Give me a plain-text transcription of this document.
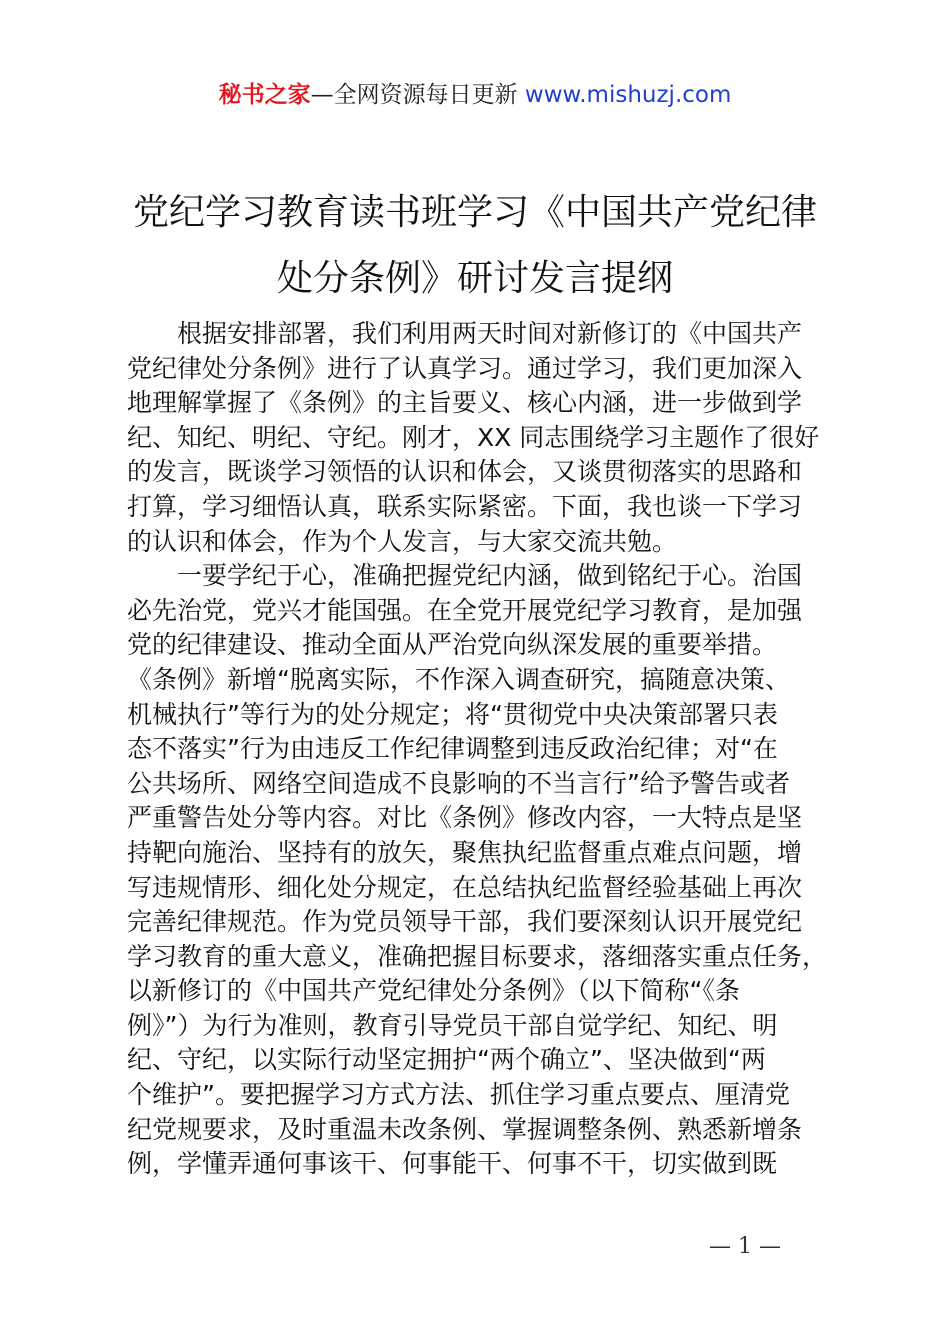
秘书之家—全网资源每日更新 www.mishuzj.com
党纪学习教育读书班学习《中国共产党纪律
处分条例》研讨发言提纲
　　根据安排部署，我们利用两天时间对新修订的《中国共产
党纪律处分条例》进行了认真学习。通过学习，我们更加深入
地理解掌握了《条例》的主旨要义、核心内涵，进一步做到学
纪、知纪、明纪、守纪。刚才，XX 同志围绕学习主题作了很好
的发言，既谈学习领悟的认识和体会，又谈贯彻落实的思路和
打算，学习细悟认真，联系实际紧密。下面，我也谈一下学习
的认识和体会，作为个人发言，与大家交流共勉。
　　一要学纪于心，准确把握党纪内涵，做到铭纪于心。治国
必先治党，党兴才能国强。在全党开展党纪学习教育，是加强
党的纪律建设、推动全面从严治党向纵深发展的重要举措。
《条例》新增“脱离实际，不作深入调查研究，搞随意决策、
机械执行”等行为的处分规定；将“贯彻党中央决策部署只表
态不落实”行为由违反工作纪律调整到违反政治纪律；对“在
公共场所、网络空间造成不良影响的不当言行”给予警告或者
严重警告处分等内容。对比《条例》修改内容，一大特点是坚
持靶向施治、坚持有的放矢，聚焦执纪监督重点难点问题，增
写违规情形、细化处分规定，在总结执纪监督经验基础上再次
完善纪律规范。作为党员领导干部，我们要深刻认识开展党纪
学习教育的重大意义，准确把握目标要求，落细落实重点任务，
以新修订的《中国共产党纪律处分条例》（以下简称“《条
例》”）为行为准则，教育引导党员干部自觉学纪、知纪、明
纪、守纪，以实际行动坚定拥护“两个确立”、坚决做到“两
个维护”。要把握学习方式方法、抓住学习重点要点、厘清党
纪党规要求，及时重温未改条例、掌握调整条例、熟悉新增条
例，学懂弄通何事该干、何事能干、何事不干，切实做到既
— 1 —
